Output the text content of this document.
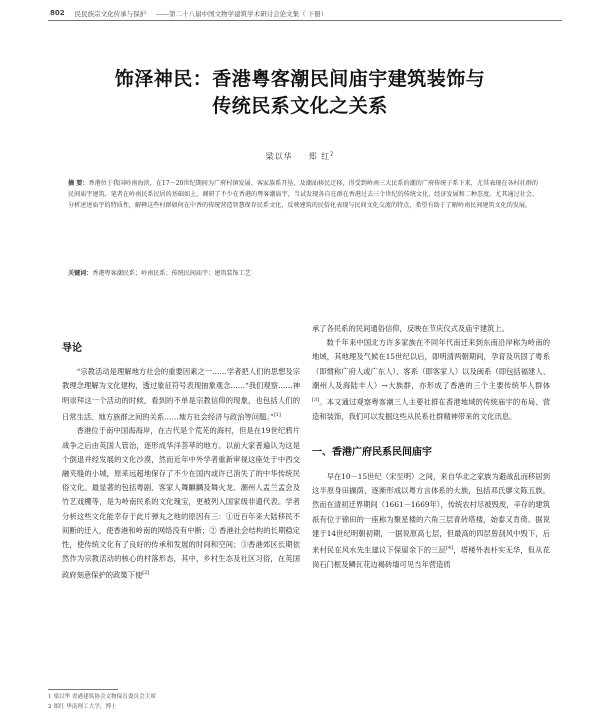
802 民民族宗文化传承与保护 ——第二十八届中国文物学建筑学术研讨会论文集（ 下册）
饰泽神民：香港粤客潮民间庙宇建筑装饰与
传统民系文化之关系
梁以华 郑 红$^2$
摘 要：香港位于我国岭南海滨，在17－20世纪期间为广府村镇发展、客家族系开垦、及潮汕移民迁移，得受到岭南三大民系的潮的广府传统子系下来，尤其表现在各村社群的民间庙宇建筑。笔者在岭南民系民居的基础如上，调研了不少在香港的粤客潮庙宇，当试发现各自在群在香港过去三个世纪的传统文化，经济发展和二种态度。尤其通过社会、分析述述庙宇的特质性，解释这些村群如何在中香的传统营造智慧保存民系文化，反映建筑的民俗化表现与民间文化交流的特点，希望有助于了解岭南民间建筑文化的发展。
关键词：香港粤客潮民系；岭南民系；传统民间庙宇；建筑装饰工艺
导论

“宗教活动是理解地方社会的重要因素之一……学者把人们的思想及宗教理念理解为文化建构，透过象征符号表现抽象观念……“我们观察……神明崇拜这一个活动的时候，看到的不单是宗教信仰的现象，也包括人们的日常生活、地方族群之间的关系……地方社会经济与政治等问题。”[1]

香港位于南中国海海岸，在古代是个荒芜的海村，但是在19世纪鸦片战争之后由英国人管治，逐形成华洋荟萃的地方。以前大家普遍认为这是个倒退并经发展的文化沙漠，然而近年中外学者重新审视这座处于中西交融夹缝的小城，原来远超地保存了不少在国内或许已消失了的中华传统民俗文化。最显著的包括粤剧、客家人舞麒麟及舞火龙、潮州人盂兰孟会及竹艺戏棚等，是为岭南民系的文化瑰宝，更被列入国家级非遗代表。学者分析这些文化能幸存于此片弹丸之地的原因有三：①近百年来大陆移民不间断的迁入，使香港和岭南的网络没有中断；② 香港社会结构的长期稳定性，使传统文化有了良好的传承和发展的时间和空间；③香港郊区长期依然作为宗教活动的核心的村落形态，其中，乡村生态及社区习俗，在英国政府刻意保护的政策下使[2]

承了各民系的民间通俗信仰，反映在节庆仪式及庙宇建筑上。

数千年来中国北方许多家族在不同年代南迁来到东南沿岸称为岭南的地域，其地理及气候在15世纪以后，即明清两朝期间，孕育及巩固了粤系（即惯称广府人或广东人）、客系（即客家人）以及闽系（即包括福建人、潮州人及海陆丰人）→大族群，亦形成了香港的三个主要传统华人群体[3]。本文通过观察粤客潮三人主要社群在香港地域的传统庙宇的布局、营造和装饰，我们可以发掘这些从民系社群精神带来的文化讯息。

一、香港广府民系民间庙宇

早在10－15世纪（宋至明）之间，来自华北之家族为避战乱而移居到这半原身田撷荫，逐渐形成以粤方言体系的大族，包括邓氏廖文陈五族，然而在清初迁界期间（1661－1669年），传统农村尽被毁废，辛存的建筑祇有位于锦田的一座称为聚星楼的六角三层青砖塔楼，始泰又肯倚。据说建于14世纪明朝初期，一据说原高七层，但最高的四层曾刮风中毁下，后来村民在风水先生建议下保留余下的三层[4]，塔楼外表朴实无华，但从花岗石门框及鳞瓦花边褐砖墙可见当年营造质

1 梁以华 香港建筑协会文物保育委员会主席
2 郑红 华南理工大学，博士
